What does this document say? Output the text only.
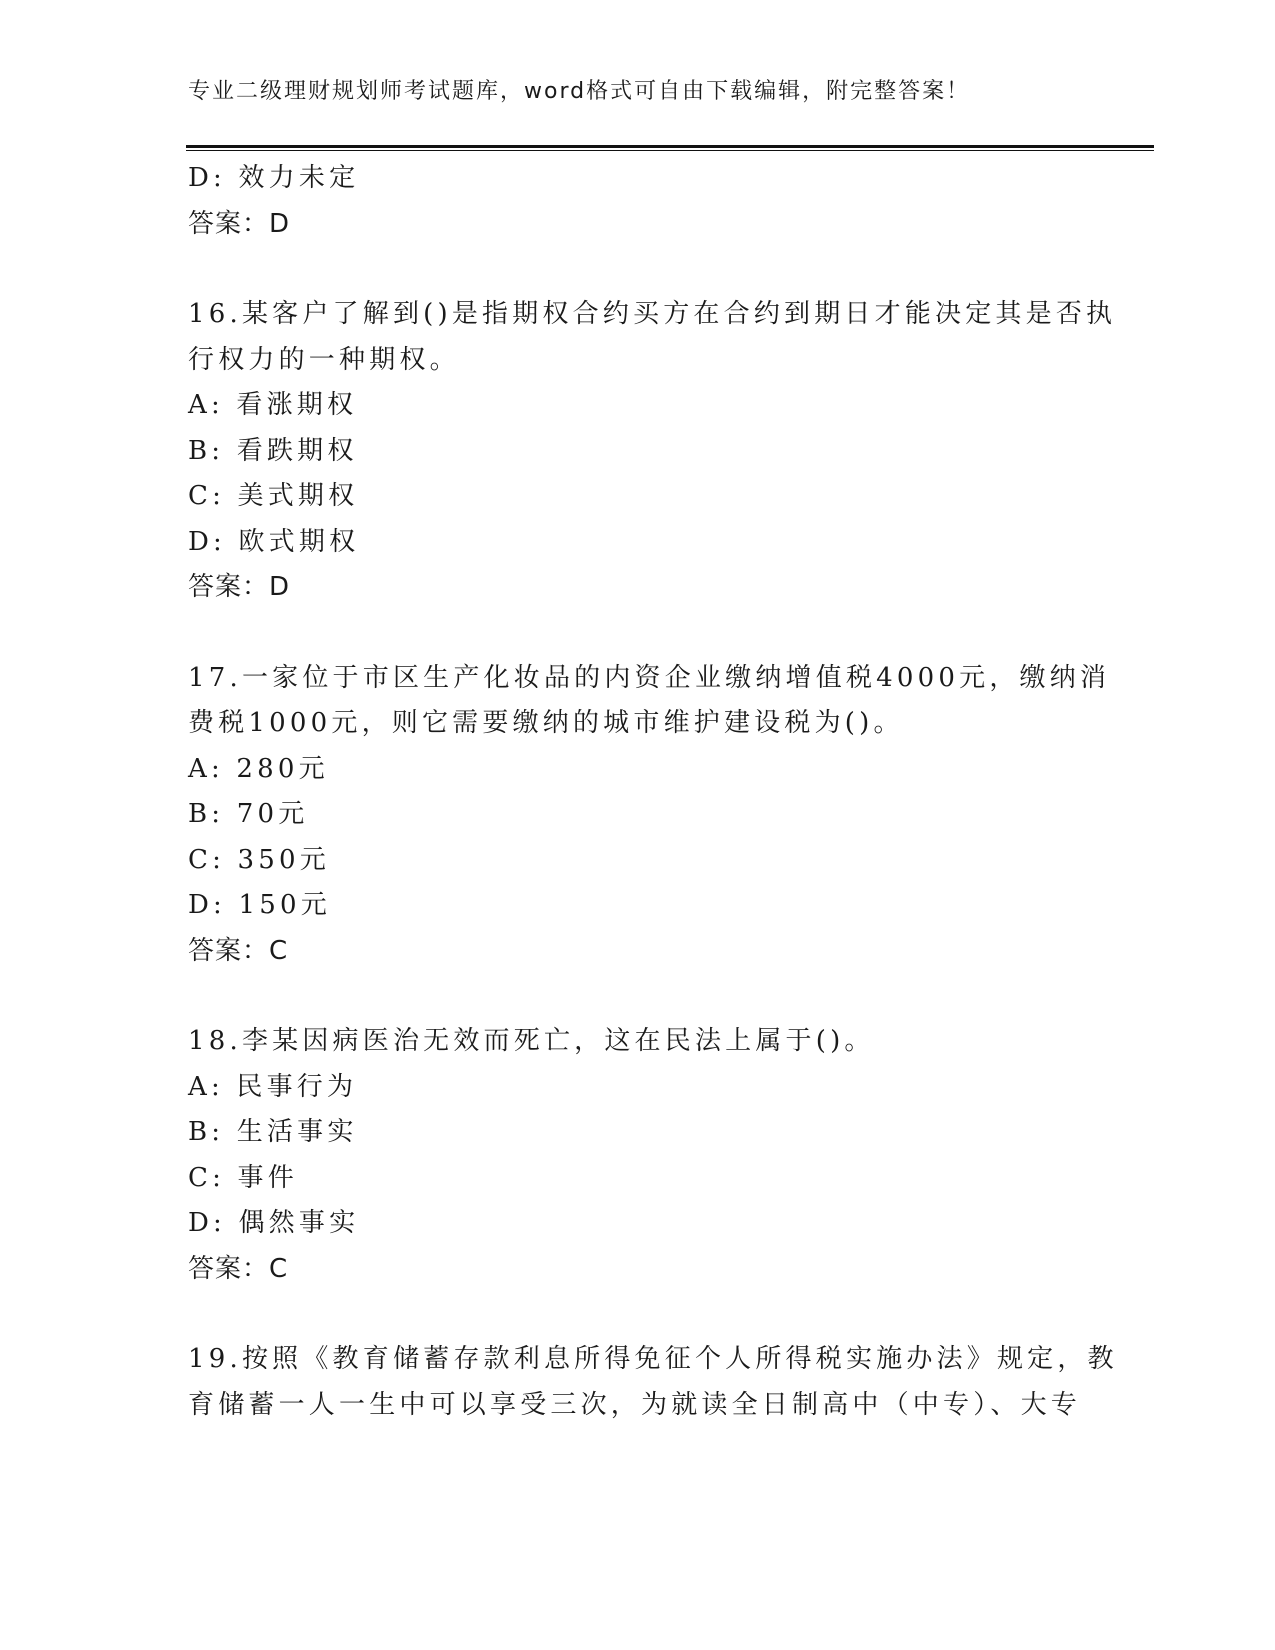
专业二级理财规划师考试题库，word格式可自由下载编辑，附完整答案！
D: 效力未定
答案：D
16.某客户了解到()是指期权合约买方在合约到期日才能决定其是否执
行权力的一种期权。
A: 看涨期权
B: 看跌期权
C: 美式期权
D: 欧式期权
答案：D
17.一家位于市区生产化妆品的内资企业缴纳增值税4000元，缴纳消
费税1000元，则它需要缴纳的城市维护建设税为()。
A: 280元
B: 70元
C: 350元
D: 150元
答案：C
18.李某因病医治无效而死亡，这在民法上属于()。
A: 民事行为
B: 生活事实
C: 事件
D: 偶然事实
答案：C
19.按照《教育储蓄存款利息所得免征个人所得税实施办法》规定，教
育储蓄一人一生中可以享受三次，为就读全日制高中（中专）、大专
